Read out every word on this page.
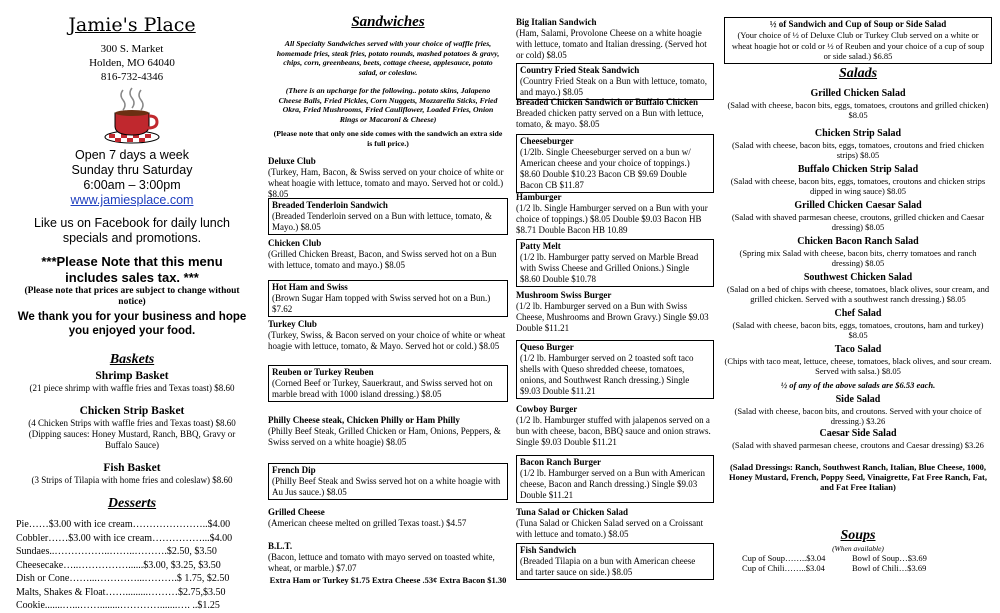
Jamie's Place
300 S. Market
Holden, MO 64040
816-732-4346
Open 7 days a week
Sunday thru Saturday
6:00am – 3:00pm
www.jamiesplace.com
Like us on Facebook for daily lunch specials and promotions.
***Please Note that this menu includes sales tax. ***
(Please note that prices are subject to change without notice)
We thank you for your business and hope you enjoyed your food.
Baskets
Shrimp Basket
(21 piece shrimp with waffle fries and Texas toast) $8.60
Chicken Strip Basket
(4 Chicken Strips with waffle fries and Texas toast) $8.60 (Dipping sauces: Honey Mustard, Ranch, BBQ, Gravy or Buffalo Sauce)
Fish Basket
(3 Strips of Tilapia with home fries and coleslaw) $8.60
Desserts
Pie……$3.00 with ice cream…………………..$4.00
Cobbler……$3.00 with ice cream……………...$4.00
Sundaes..……………..……..……….$2.50, $3.50
Cheesecake…..……………......$3.00, $3.25, $3.50
Dish or Cone……...…………...……….$ 1.75, $2.50
Malts, Shakes & Float…….........………$2.75,$3.50
Cookie.......…...……........………….......…. ..$1.25
Sandwiches
All Specialty Sandwiches served with your choice of waffle fries, homemade fries, steak fries, potato rounds, mashed potatoes & gravy, chips, corn, greenbeans, beets, cottage cheese, applesauce, potato salad, or coleslaw.
(There is an upcharge for the following.. potato skins, Jalapeno Cheese Balls, Fried Pickles, Corn Nuggets, Mozzarella Sticks, Fried Okra, Fried Mushrooms, Fried Cauliflower, Loaded Fries, Onion Rings or Macaroni & Cheese)
(Please note that only one side comes with the sandwich an extra side is full price.)
Deluxe Club
(Turkey, Ham, Bacon, & Swiss served on your choice of white or wheat hoagie with lettuce, tomato and mayo. Served hot or cold.) $8.05
Breaded Tenderloin Sandwich
(Breaded Tenderloin served on a Bun with lettuce, tomato, & Mayo.) $8.05
Chicken Club
(Grilled Chicken Breast, Bacon, and Swiss served hot on a Bun with lettuce, tomato and mayo.) $8.05
Hot Ham and Swiss
(Brown Sugar Ham topped with Swiss served hot on a Bun.) $7.62
Turkey Club
(Turkey, Swiss, & Bacon served on your choice of white or wheat hoagie with lettuce, tomato, & Mayo. Served hot or cold.) $8.05
Reuben or Turkey Reuben
(Corned Beef or Turkey, Sauerkraut, and Swiss served hot on marble bread with 1000 island dressing.) $8.05
Philly Cheese steak, Chicken Philly or Ham Philly
(Philly Beef Steak, Grilled Chicken or Ham, Onions, Peppers, & Swiss served on a white hoagie) $8.05
French Dip
(Philly Beef Steak and Swiss served hot on a white hoagie with Au Jus sauce.) $8.05
Grilled Cheese
(American cheese melted on grilled Texas toast.) $4.57
B.L.T.
(Bacon, lettuce and tomato with mayo served on toasted white, wheat, or marble.) $7.07
Extra Ham or Turkey $1.75 Extra Cheese .53¢ Extra Bacon $1.30
Big Italian Sandwich
(Ham, Salami, Provolone Cheese on a white hoagie with lettuce, tomato and Italian dressing. (Served hot or cold) $8.05
Country Fried Steak Sandwich
(Country Fried Steak on a Bun with lettuce, tomato, and mayo.) $8.05
Breaded Chicken Sandwich or Buffalo Chicken
Breaded chicken patty served on a Bun with lettuce, tomato, & mayo. $8.05
Cheeseburger
(1/2lb. Single Cheeseburger served on a bun w/ American cheese and your choice of toppings.) $8.60 Double $10.23 Bacon CB $9.69 Double Bacon CB $11.87
Hamburger
(1/2 lb. Single Hamburger served on a Bun with your choice of toppings.) $8.05 Double $9.03 Bacon HB $8.71 Double Bacon HB 10.89
Patty Melt
(1/2 lb. Hamburger patty served on Marble Bread with Swiss Cheese and Grilled Onions.) Single $8.60 Double $10.78
Mushroom Swiss Burger
(1/2 lb. Hamburger served on a Bun with Swiss Cheese, Mushrooms and Brown Gravy.) Single $9.03 Double $11.21
Queso Burger
(1/2 lb. Hamburger served on 2 toasted soft taco shells with Queso shredded cheese, tomatoes, onions, and Southwest Ranch dressing.) Single $9.03 Double $11.21
Cowboy Burger
(1/2 lb. Hamburger stuffed with jalapenos served on a bun with cheese, bacon, BBQ sauce and onion straws. Single $9.03 Double $11.21
Bacon Ranch Burger
(1/2 lb. Hamburger served on a Bun with American cheese, Bacon and Ranch dressing.) Single $9.03 Double $11.21
Tuna Salad or Chicken Salad
(Tuna Salad or Chicken Salad served on a Croissant with lettuce and tomato.) $8.05
Fish Sandwich
(Breaded Tilapia on a bun with American cheese and tarter sauce on side.) $8.05
½ of Sandwich and Cup of Soup or Side Salad
(Your choice of ½ of Deluxe Club or Turkey Club served on a white or wheat hoagie hot or cold or ½ of Reuben and your choice of a cup of soup or side salad.) $6.85
Salads
Grilled Chicken Salad
(Salad with cheese, bacon bits, eggs, tomatoes, croutons and grilled chicken) $8.05
Chicken Strip Salad
(Salad with cheese, bacon bits, eggs, tomatoes, croutons and fried chicken strips) $8.05
Buffalo Chicken Strip Salad
(Salad with cheese, bacon bits, eggs, tomatoes, croutons and chicken strips dipped in wing sauce) $8.05
Grilled Chicken Caesar Salad
(Salad with shaved parmesan cheese, croutons, grilled chicken and Caesar dressing) $8.05
Chicken Bacon Ranch Salad
(Spring mix Salad with cheese, bacon bits, cherry tomatoes and ranch dressing) $8.05
Southwest Chicken Salad
(Salad on a bed of chips with cheese, tomatoes, black olives, sour cream, and grilled chicken. Served with a southwest ranch dressing.) $8.05
Chef Salad
(Salad with cheese, bacon bits, eggs, tomatoes, croutons, ham and turkey) $8.05
Taco Salad
(Chips with taco meat, lettuce, cheese, tomatoes, black olives, and sour cream. Served with salsa.) $8.05
½ of any of the above salads are $6.53 each.
Side Salad
(Salad with cheese, bacon bits, and croutons. Served with your choice of dressing.) $3.26
Caesar Side Salad
(Salad with shaved parmesan cheese, croutons and Caesar dressing) $3.26
(Salad Dressings: Ranch, Southwest Ranch, Italian, Blue Cheese, 1000, Honey Mustard, French, Poppy Seed, Vinaigrette, Fat Free Ranch, Fat, and Fat Free Italian)
Soups
(When available)
Cup of Soup……..$3.04	Bowl of Soup…$3.69
Cup of Chili……..$3.04	Bowl of Chili…$3.69
